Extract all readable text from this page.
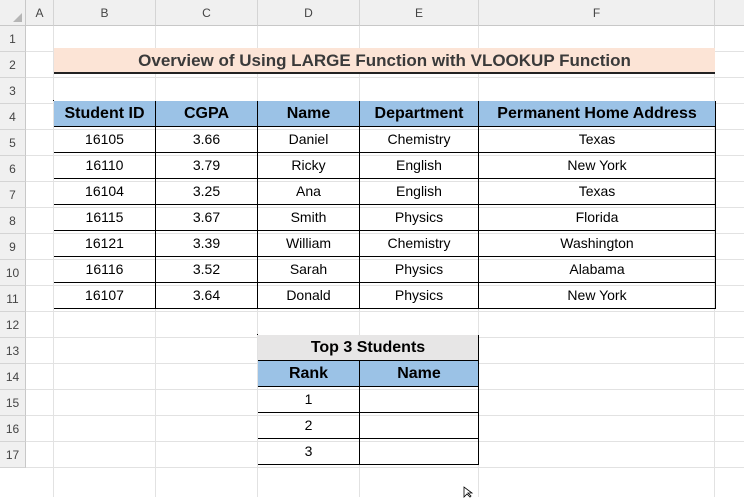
A	B	C	D	E	F
1
2
3
4
5
6
7
8
9
10
11
12
13
14
15
16
17
Overview of Using LARGE Function with VLOOKUP Function
Student ID	CGPA	Name	Department	Permanent Home Address
16105	3.66	Daniel	Chemistry	Texas
16110	3.79	Ricky	English	New York
16104	3.25	Ana	English	Texas
16115	3.67	Smith	Physics	Florida
16121	3.39	William	Chemistry	Washington
16116	3.52	Sarah	Physics	Alabama
16107	3.64	Donald	Physics	New York
Top 3 Students
Rank	Name
1
2
3
